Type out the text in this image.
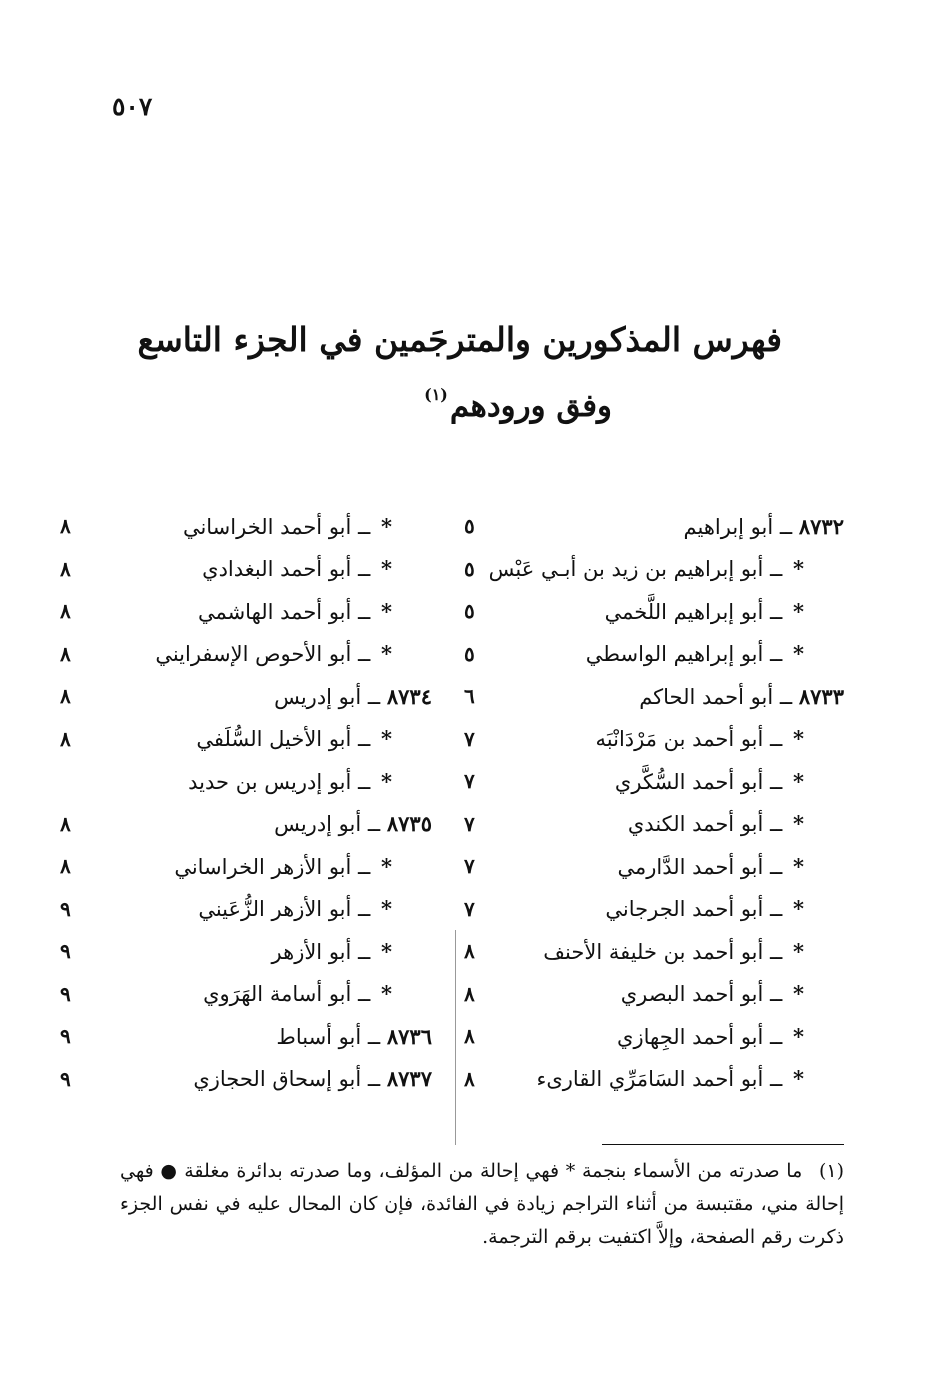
٥٠٧
فهرس المذكورين والمترجَمين في الجزء التاسع
وفق ورودهم$^{(١)}$
٨٧٣٢ ــ أبو إبراهيم
٥
* ــ أبو إبراهيم بن زيد بن أبـي عَبْس
٥
* ــ أبو إبراهيم اللَّخمي
٥
* ــ أبو إبراهيم الواسطي
٥
٨٧٣٣ ــ أبو أحمد الحاكم
٦
* ــ أبو أحمد بن مَرْدَانْبَه
٧
* ــ أبو أحمد السُّكَّري
٧
* ــ أبو أحمد الكندي
٧
* ــ أبو أحمد الدَّارمي
٧
* ــ أبو أحمد الجرجاني
٧
* ــ أبو أحمد بن خليفة الأحنف
٨
* ــ أبو أحمد البصري
٨
* ــ أبو أحمد الجِهازي
٨
* ــ أبو أحمد السَامَرِّي القارىء
٨
* ــ أبو أحمد الخراساني
٨
* ــ أبو أحمد البغدادي
٨
* ــ أبو أحمد الهاشمي
٨
* ــ أبو الأحوص الإسفرايني
٨
٨٧٣٤ ــ أبو إدريس
٨
* ــ أبو الأخيل السُّلَفي
٨
* ــ أبو إدريس بن حديد
٨٧٣٥ ــ أبو إدريس
٨
* ــ أبو الأزهر الخراساني
٨
* ــ أبو الأزهر الزُّعَيني
٩
* ــ أبو الأزهر
٩
* ــ أبو أسامة الهَرَوي
٩
٨٧٣٦ ــ أبو أسباط
٩
٨٧٣٧ ــ أبو إسحاق الحجازي
٩
(١) ما صدرته من الأسماء بنجمة * فهي إحالة من المؤلف، وما صدرته بدائرة مغلقة ● فهي إحالة مني، مقتبسة من أثناء التراجم زيادة في الفائدة، فإن كان المحال عليه في نفس الجزء ذكرت رقم الصفحة، وإلاَّ اكتفيت برقم الترجمة.
